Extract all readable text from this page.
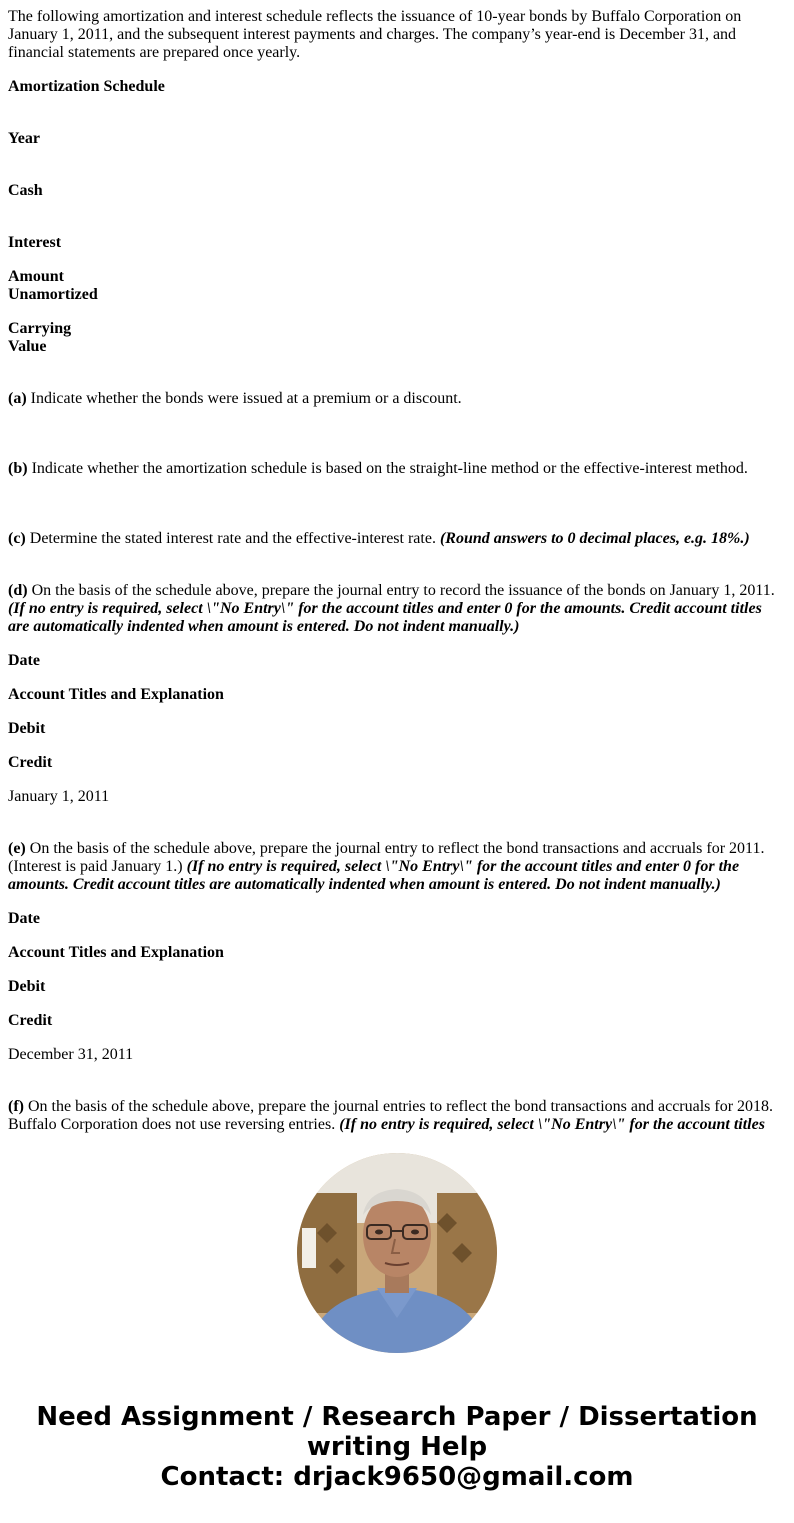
The following amortization and interest schedule reflects the issuance of 10-year bonds by Buffalo Corporation on January 1, 2011, and the subsequent interest payments and charges. The company’s year-end is December 31, and financial statements are prepared once yearly.

Amortization Schedule

Year

Cash

Interest

Amount
Unamortized

Carrying
Value

(a) Indicate whether the bonds were issued at a premium or a discount.

(b) Indicate whether the amortization schedule is based on the straight-line method or the effective-interest method.

(c) Determine the stated interest rate and the effective-interest rate. (Round answers to 0 decimal places, e.g. 18%.)

(d) On the basis of the schedule above, prepare the journal entry to record the issuance of the bonds on January 1, 2011. (If no entry is required, select \"No Entry\" for the account titles and enter 0 for the amounts. Credit account titles are automatically indented when amount is entered. Do not indent manually.)

Date

Account Titles and Explanation

Debit

Credit

January 1, 2011

(e) On the basis of the schedule above, prepare the journal entry to reflect the bond transactions and accruals for 2011. (Interest is paid January 1.) (If no entry is required, select \"No Entry\" for the account titles and enter 0 for the amounts. Credit account titles are automatically indented when amount is entered. Do not indent manually.)

Date

Account Titles and Explanation

Debit

Credit

December 31, 2011

(f) On the basis of the schedule above, prepare the journal entries to reflect the bond transactions and accruals for 2018. Buffalo Corporation does not use reversing entries. (If no entry is required, select \"No Entry\" for the account titles

Need Assignment / Research Paper / Dissertation
writing Help
Contact: drjack9650@gmail.com
